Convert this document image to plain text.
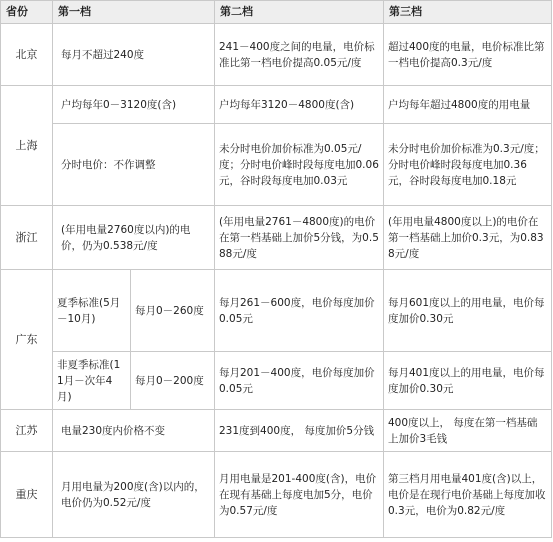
省份	第一档		第二档	第三档
北京	每月不超过240度		241－400度之间的电量，电价标准比第一档电价提高0.05元/度	超过400度的电量，电价标准比第一档电价提高0.3元/度
上海	户均每年0－3120度(含)		户均每年3120－4800度(含)	户均每年超过4800度的用电量
	分时电价：不作调整		未分时电价加价标准为0.05元/度；分时电价峰时段每度电加0.06元，谷时段每度电加0.03元	未分时电价加价标准为0.3元/度；分时电价峰时段每度电加0.36元，谷时段每度电加0.18元
浙江	(年用电量2760度以内)的电价，仍为0.538元/度		(年用电量2761－4800度)的电价在第一档基础上加价5分钱，为0.588元/度	(年用电量4800度以上)的电价在第一档基础上加价0.3元，为0.838元/度
广东	夏季标准(5月－10月)	每月0－260度	每月261－600度，电价每度加价0.05元	每月601度以上的用电量，电价每度加价0.30元
	非夏季标准(11月－次年4月)	每月0－200度	每月201－400度，电价每度加价0.05元	每月401度以上的用电量，电价每度加价0.30元
江苏	电量230度内价格不变		231度到400度， 每度加价5分钱	400度以上， 每度在第一档基础上加价3毛钱
重庆	月用电量为200度(含)以内的，电价仍为0.52元/度		月用电量是201-400度(含)，电价在现有基础上每度电加5分，电价为0.57元/度	第三档月用电量401度(含)以上，电价是在现行电价基础上每度加收0.3元，电价为0.82元/度
